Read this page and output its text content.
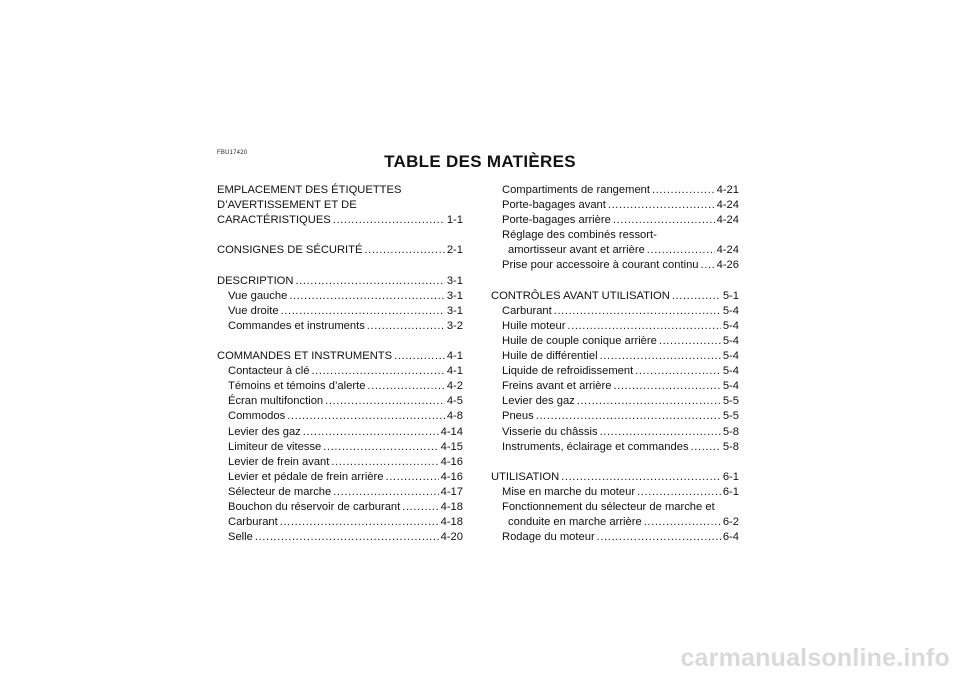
FBU17420	TABLE DES MATIÈRES
EMPLACEMENT DES ÉTIQUETTES
D’AVERTISSEMENT ET DE
CARACTÉRISTIQUES .....	1-1
CONSIGNES DE SÉCURITÉ .....	2-1
DESCRIPTION .....	3-1
Vue gauche .....	3-1
Vue droite .....	3-1
Commandes et instruments .....	3-2
COMMANDES ET INSTRUMENTS .....	4-1
Contacteur à clé .....	4-1
Témoins et témoins d’alerte .....	4-2
Écran multifonction .....	4-5
Commodos .....	4-8
Levier des gaz .....	4-14
Limiteur de vitesse .....	4-15
Levier de frein avant .....	4-16
Levier et pédale de frein arrière .....	4-16
Sélecteur de marche .....	4-17
Bouchon du réservoir de carburant .....	4-18
Carburant .....	4-18
Selle .....	4-20
Compartiments de rangement .....	4-21
Porte-bagages avant .....	4-24
Porte-bagages arrière .....	4-24
Réglage des combinés ressort-
amortisseur avant et arrière .....	4-24
Prise pour accessoire à courant continu ..... 4-26
CONTRÔLES AVANT UTILISATION .....	5-1
Carburant .....	5-4
Huile moteur .....	5-4
Huile de couple conique arrière .....	5-4
Huile de différentiel .....	5-4
Liquide de refroidissement .....	5-4
Freins avant et arrière .....	5-4
Levier des gaz .....	5-5
Pneus .....	5-5
Visserie du châssis .....	5-8
Instruments, éclairage et commandes .....	5-8
UTILISATION .....	6-1
Mise en marche du moteur .....	6-1
Fonctionnement du sélecteur de marche et
conduite en marche arrière .....	6-2
Rodage du moteur .....	6-4
carmanualsonline.info
